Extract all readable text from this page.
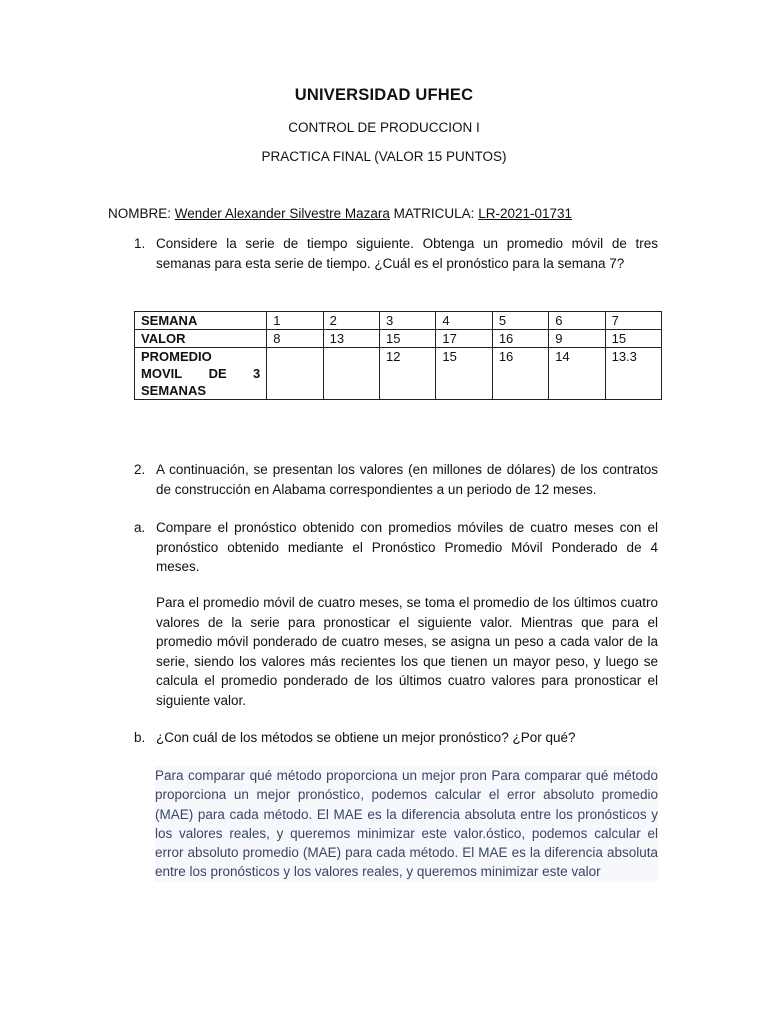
UNIVERSIDAD UFHEC
CONTROL DE PRODUCCION I
PRACTICA FINAL (VALOR 15 PUNTOS)
NOMBRE: Wender Alexander Silvestre Mazara MATRICULA: LR-2021-01731
1. Considere la serie de tiempo siguiente. Obtenga un promedio móvil de tres semanas para esta serie de tiempo. ¿Cuál es el pronóstico para la semana 7?
SEMANA	1	2	3	4	5	6	7
VALOR	8	13	15	17	16	9	15

PROMEDIO
MOVIL DE 3
SEMANAS			12	15	16	14	13.3
2. A continuación, se presentan los valores (en millones de dólares) de los contratos de construcción en Alabama correspondientes a un periodo de 12 meses.
a. Compare el pronóstico obtenido con promedios móviles de cuatro meses con el pronóstico obtenido mediante el Pronóstico Promedio Móvil Ponderado de 4 meses.
Para el promedio móvil de cuatro meses, se toma el promedio de los últimos cuatro valores de la serie para pronosticar el siguiente valor. Mientras que para el promedio móvil ponderado de cuatro meses, se asigna un peso a cada valor de la serie, siendo los valores más recientes los que tienen un mayor peso, y luego se calcula el promedio ponderado de los últimos cuatro valores para pronosticar el siguiente valor.
b. ¿Con cuál de los métodos se obtiene un mejor pronóstico? ¿Por qué?
Para comparar qué método proporciona un mejor pron Para comparar qué método proporciona un mejor pronóstico, podemos calcular el error absoluto promedio (MAE) para cada método. El MAE es la diferencia absoluta entre los pronósticos y los valores reales, y queremos minimizar este valor.óstico, podemos calcular el error absoluto promedio (MAE) para cada método. El MAE es la diferencia absoluta entre los pronósticos y los valores reales, y queremos minimizar este valor
